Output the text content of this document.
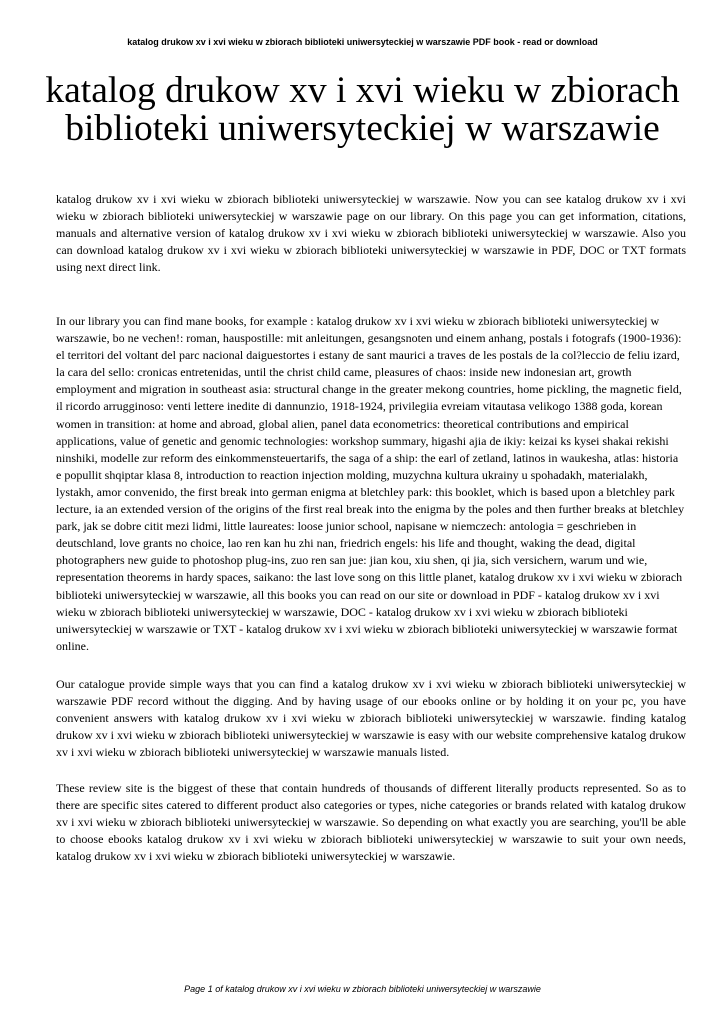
katalog drukow xv i xvi wieku w zbiorach biblioteki uniwersyteckiej w warszawie PDF book - read or download
katalog drukow xv i xvi wieku w zbiorach biblioteki uniwersyteckiej w warszawie

katalog drukow xv i xvi wieku w zbiorach biblioteki uniwersyteckiej w warszawie. Now you can see katalog drukow xv i xvi wieku w zbiorach biblioteki uniwersyteckiej w warszawie page on our library. On this page you can get information, citations, manuals and alternative version of katalog drukow xv i xvi wieku w zbiorach biblioteki uniwersyteckiej w warszawie. Also you can download katalog drukow xv i xvi wieku w zbiorach biblioteki uniwersyteckiej w warszawie in PDF, DOC or TXT formats using next direct link.

In our library you can find mane books, for example : katalog drukow xv i xvi wieku w zbiorach biblioteki uniwersyteckiej w warszawie, bo ne vechen!: roman, hauspostille: mit anleitungen, gesangsnoten und einem anhang, postals i fotografs (1900-1936): el territori del voltant del parc nacional daiguestortes i estany de sant maurici a traves de les postals de la col?leccio de feliu izard, la cara del sello: cronicas entretenidas, until the christ child came, pleasures of chaos: inside new indonesian art, growth employment and migration in southeast asia: structural change in the greater mekong countries, home pickling, the magnetic field, il ricordo arrugginoso: venti lettere inedite di dannunzio, 1918-1924, privilegiia evreiam vitautasa velikogo 1388 goda, korean women in transition: at home and abroad, global alien, panel data econometrics: theoretical contributions and empirical applications, value of genetic and genomic technologies: workshop summary, higashi ajia de ikiy: keizai ks kysei shakai rekishi ninshiki, modelle zur reform des einkommensteuertarifs, the saga of a ship: the earl of zetland, latinos in waukesha, atlas: historia e popullit shqiptar klasa 8, introduction to reaction injection molding, muzychna kultura ukrainy u spohadakh, materialakh, lystakh, amor convenido, the first break into german enigma at bletchley park: this booklet, which is based upon a bletchley park lecture, ia an extended version of the origins of the first real break into the enigma by the poles and then further breaks at bletchley park, jak se dobre citit mezi lidmi, little laureates: loose junior school, napisane w niemczech: antologia = geschrieben in deutschland, love grants no choice, lao ren kan hu zhi nan, friedrich engels: his life and thought, waking the dead, digital photographers new guide to photoshop plug-ins, zuo ren san jue: jian kou, xiu shen, qi jia, sich versichern, warum und wie, representation theorems in hardy spaces, saikano: the last love song on this little planet, katalog drukow xv i xvi wieku w zbiorach biblioteki uniwersyteckiej w warszawie, all this books you can read on our site or download in PDF - katalog drukow xv i xvi wieku w zbiorach biblioteki uniwersyteckiej w warszawie, DOC - katalog drukow xv i xvi wieku w zbiorach biblioteki uniwersyteckiej w warszawie or TXT - katalog drukow xv i xvi wieku w zbiorach biblioteki uniwersyteckiej w warszawie format online.

Our catalogue provide simple ways that you can find a katalog drukow xv i xvi wieku w zbiorach biblioteki uniwersyteckiej w warszawie PDF record without the digging. And by having usage of our ebooks online or by holding it on your pc, you have convenient answers with katalog drukow xv i xvi wieku w zbiorach biblioteki uniwersyteckiej w warszawie. finding katalog drukow xv i xvi wieku w zbiorach biblioteki uniwersyteckiej w warszawie is easy with our website comprehensive katalog drukow xv i xvi wieku w zbiorach biblioteki uniwersyteckiej w warszawie manuals listed.

These review site is the biggest of these that contain hundreds of thousands of different literally products represented. So as to there are specific sites catered to different product also categories or types, niche categories or brands related with katalog drukow xv i xvi wieku w zbiorach biblioteki uniwersyteckiej w warszawie. So depending on what exactly you are searching, you'll be able to choose ebooks katalog drukow xv i xvi wieku w zbiorach biblioteki uniwersyteckiej w warszawie to suit your own needs, katalog drukow xv i xvi wieku w zbiorach biblioteki uniwersyteckiej w warszawie.

Page 1 of katalog drukow xv i xvi wieku w zbiorach biblioteki uniwersyteckiej w warszawie
